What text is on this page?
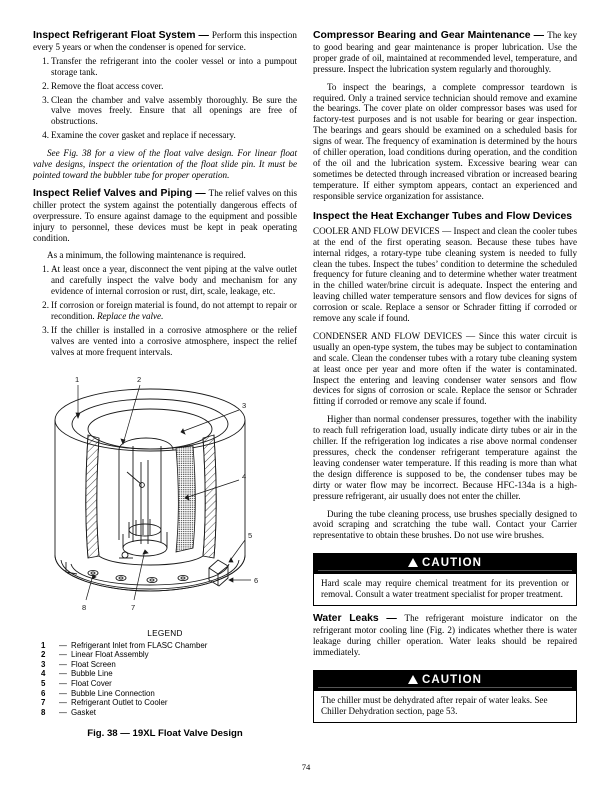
Inspect Refrigerant Float System — Perform this inspection every 5 years or when the condenser is opened for service.

1. Transfer the refrigerant into the cooler vessel or into a pumpout storage tank.
2. Remove the float access cover.
3. Clean the chamber and valve assembly thoroughly. Be sure the valve moves freely. Ensure that all openings are free of obstructions.
4. Examine the cover gasket and replace if necessary.

See Fig. 38 for a view of the float valve design. For linear float valve designs, inspect the orientation of the float slide pin. It must be pointed toward the bubbler tube for proper operation.

Inspect Relief Valves and Piping — The relief valves on this chiller protect the system against the potentially dangerous effects of overpressure. To ensure against damage to the equipment and possible injury to personnel, these devices must be kept in peak operating condition.

As a minimum, the following maintenance is required.

1. At least once a year, disconnect the vent piping at the valve outlet and carefully inspect the valve body and mechanism for any evidence of internal corrosion or rust, dirt, scale, leakage, etc.
2. If corrosion or foreign material is found, do not attempt to repair or recondition. Replace the valve.
3. If the chiller is installed in a corrosive atmosphere or the relief valves are vented into a corrosive atmosphere, inspect the relief valves at more frequent intervals.
1	2
3
4
5
6
7
8
LEGEND
1	—	Refrigerant Inlet from FLASC Chamber
2	—	Linear Float Assembly
3	—	Float Screen
4	—	Bubble Line
5	—	Float Cover
6	—	Bubble Line Connection
7	—	Refrigerant Outlet to Cooler
8	—	Gasket
Fig. 38 — 19XL Float Valve Design

Compressor Bearing and Gear Maintenance — The key to good bearing and gear maintenance is proper lubrication. Use the proper grade of oil, maintained at recommended level, temperature, and pressure. Inspect the lubrication system regularly and thoroughly.

To inspect the bearings, a complete compressor teardown is required. Only a trained service technician should remove and examine the bearings. The cover plate on older compressor bases was used for factory-test purposes and is not usable for bearing or gear inspection. The bearings and gears should be examined on a scheduled basis for signs of wear. The frequency of examination is determined by the hours of chiller operation, load conditions during operation, and the condition of the oil and the lubrication system. Excessive bearing wear can sometimes be detected through increased vibration or increased bearing temperature. If either symptom appears, contact an experienced and responsible service organization for assistance.

Inspect the Heat Exchanger Tubes and Flow Devices

COOLER AND FLOW DEVICES — Inspect and clean the cooler tubes at the end of the first operating season. Because these tubes have internal ridges, a rotary-type tube cleaning system is needed to fully clean the tubes. Inspect the tubes’ condition to determine the scheduled frequency for future cleaning and to determine whether water treatment in the chilled water/brine circuit is adequate. Inspect the entering and leaving chilled water temperature sensors and flow devices for signs of corrosion or scale. Replace a sensor or Schrader fitting if corroded or remove any scale if found.

CONDENSER AND FLOW DEVICES — Since this water circuit is usually an open-type system, the tubes may be subject to contamination and scale. Clean the condenser tubes with a rotary tube cleaning system at least once per year and more often if the water is contaminated. Inspect the entering and leaving condenser water sensors and flow devices for signs of corrosion or scale. Replace the sensor or Schrader fitting if corroded or remove any scale if found.

Higher than normal condenser pressures, together with the inability to reach full refrigeration load, usually indicate dirty tubes or air in the chiller. If the refrigeration log indicates a rise above normal condenser pressures, check the condenser refrigerant temperature against the leaving condenser water temperature. If this reading is more than what the design difference is supposed to be, the condenser tubes may be dirty or water flow may be incorrect. Because HFC-134a is a high-pressure refrigerant, air usually does not enter the chiller.

During the tube cleaning process, use brushes specially designed to avoid scraping and scratching the tube wall. Contact your Carrier representative to obtain these brushes. Do not use wire brushes.

CAUTION
Hard scale may require chemical treatment for its prevention or removal. Consult a water treatment specialist for proper treatment.

Water Leaks — The refrigerant moisture indicator on the refrigerant motor cooling line (Fig. 2) indicates whether there is water leakage during chiller operation. Water leaks should be repaired immediately.

CAUTION
The chiller must be dehydrated after repair of water leaks. See Chiller Dehydration section, page 53.
74
